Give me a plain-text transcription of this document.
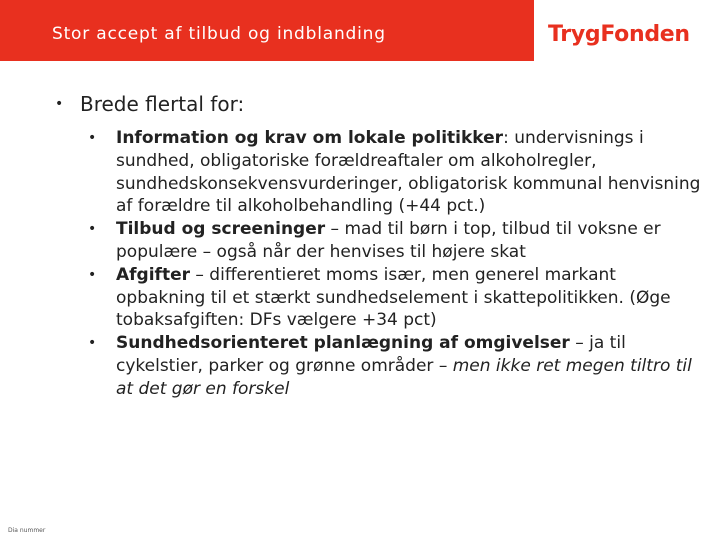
Stor accept af tilbud og indblanding	TrygFonden
• Brede flertal for:
• Information og krav om lokale politikker: undervisnings i sundhed, obligatoriske forældreaftaler om alkoholregler, sundhedskonsekvensvurderinger, obligatorisk kommunal henvisning af forældre til alkoholbehandling (+44 pct.)
• Tilbud og screeninger – mad til børn i top, tilbud til voksne er populære – også når der henvises til højere skat
• Afgifter – differentieret moms især, men generel markant opbakning til et stærkt sundhedselement i skattepolitikken. (Øge tobaksafgiften: DFs vælgere +34 pct)
• Sundhedsorienteret planlægning af omgivelser – ja til cykelstier, parker og grønne områder – men ikke ret megen tiltro til at det gør en forskel
Dia nummer
